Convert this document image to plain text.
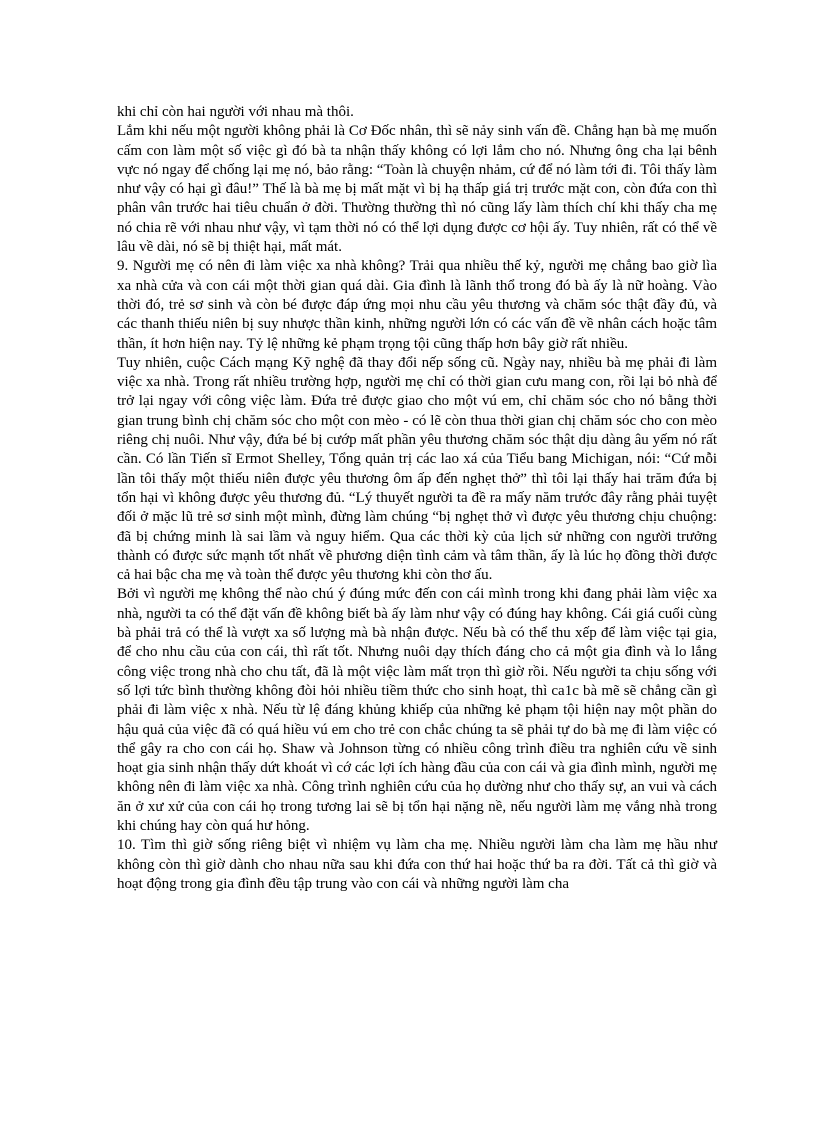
khi chỉ còn hai người với nhau mà thôi.

Lắm khi nếu một người không phải là Cơ Đốc nhân, thì sẽ nảy sinh vấn đề. Chẳng hạn bà mẹ muốn cấm con làm một số việc gì đó bà ta nhận thấy không có lợi lắm cho nó. Nhưng ông cha lại bênh vực nó ngay để chống lại mẹ nó, bảo rằng: “Toàn là chuyện nhảm, cứ để nó làm tới đi. Tôi thấy làm như vậy có hại gì đâu!” Thế là bà mẹ bị mất mặt vì bị hạ thấp giá trị trước mặt con, còn đứa con thì phân vân trước hai tiêu chuẩn ở đời. Thường thường thì nó cũng lấy làm thích chí khi thấy cha mẹ nó chia rẽ với nhau như vậy, vì tạm thời nó có thể lợi dụng được cơ hội ấy. Tuy nhiên, rất có thể về lâu về dài, nó sẽ bị thiệt hại, mất mát.

9. Người mẹ có nên đi làm việc xa nhà không? Trải qua nhiều thế kỷ, người mẹ chẳng bao giờ lìa xa nhà cửa và con cái một thời gian quá dài. Gia đình là lãnh thổ trong đó bà ấy là nữ hoàng. Vào thời đó, trẻ sơ sinh và còn bé được đáp ứng mọi nhu cầu yêu thương và chăm sóc thật đầy đủ, và các thanh thiếu niên bị suy nhược thần kinh, những người lớn có các vấn đề về nhân cách hoặc tâm thần, ít hơn hiện nay. Tỷ lệ những kẻ phạm trọng tội cũng thấp hơn bây giờ rất nhiều.

Tuy nhiên, cuộc Cách mạng Kỹ nghệ đã thay đổi nếp sống cũ. Ngày nay, nhiều bà mẹ phải đi làm việc xa nhà. Trong rất nhiều trường hợp, người mẹ chỉ có thời gian cưu mang con, rồi lại bỏ nhà để trở lại ngay với công việc làm. Đứa trẻ được giao cho một vú em, chỉ chăm sóc cho nó bằng thời gian trung bình chị chăm sóc cho một con mèo - có lẽ còn thua thời gian chị chăm sóc cho con mèo riêng chị nuôi. Như vậy, đứa bé bị cướp mất phần yêu thương chăm sóc thật dịu dàng âu yếm nó rất cần. Có lần Tiến sĩ Ermot Shelley, Tổng quản trị các lao xá của Tiểu bang Michigan, nói: “Cứ mỗi lần tôi thấy một thiếu niên được yêu thương ôm ấp đến nghẹt thở” thì tôi lại thấy hai trăm đứa bị tổn hại vì không được yêu thương đủ. “Lý thuyết người ta đề ra mấy năm trước đây rằng phải tuyệt đối ở mặc lũ trẻ sơ sinh một mình, đừng làm chúng “bị nghẹt thở vì được yêu thương chịu chuộng: đã bị chứng minh là sai lầm và nguy hiểm. Qua các thời kỳ của lịch sử những con người trưởng thành có được sức mạnh tốt nhất về phương diện tình cảm và tâm thần, ấy là lúc họ đồng thời được cả hai bậc cha mẹ và toàn thể được yêu thương khi còn thơ ấu.

Bởi vì người mẹ không thể nào chú ý đúng mức đến con cái mình trong khi đang phải làm việc xa nhà, người ta có thể đặt vấn đề không biết bà ấy làm như vậy có đúng hay không. Cái giá cuối cùng bà phải trả có thể là vượt xa số lượng mà bà nhận được. Nếu bà có thể thu xếp để làm việc tại gia, để cho nhu cầu của con cái, thì rất tốt. Nhưng nuôi dạy thích đáng cho cả một gia đình và lo lắng công việc trong nhà cho chu tất, đã là một việc làm mất trọn thì giờ rồi. Nếu người ta chịu sống với số lợi tức bình thường không đòi hỏi nhiều tiềm thức cho sinh hoạt, thì ca1c bà mẽ sẽ chẳng cần gì phải đi làm việc x nhà. Nếu từ lệ đáng khủng khiếp của những kẻ phạm tội hiện nay một phần do hậu quả của việc đã có quá hiều vú em cho trẻ con chắc chúng ta sẽ phải tự do bà mẹ đi làm việc có thể gây ra cho con cái họ. Shaw và Johnson từng có nhiều công trình điều tra nghiên cứu về sinh hoạt gia sinh nhận thấy dứt khoát vì cớ các lợi ích hàng đầu của con cái và gia đình mình, người mẹ không nên đi làm việc xa nhà. Công trình nghiên cứu của họ dường như cho thấy sự, an vui và cách ăn ở xư xử của con cái họ trong tương lai sẽ bị tổn hại nặng nề, nếu người làm mẹ vắng nhà trong khi chúng hay còn quá hư hỏng.

10. Tìm thì giờ sống riêng biệt vì nhiệm vụ làm cha mẹ. Nhiều người làm cha làm mẹ hầu như không còn thì giờ dành cho nhau nữa sau khi đứa con thứ hai hoặc thứ ba ra đời. Tất cả thì giờ và hoạt động trong gia đình đều tập trung vào con cái và những người làm cha
